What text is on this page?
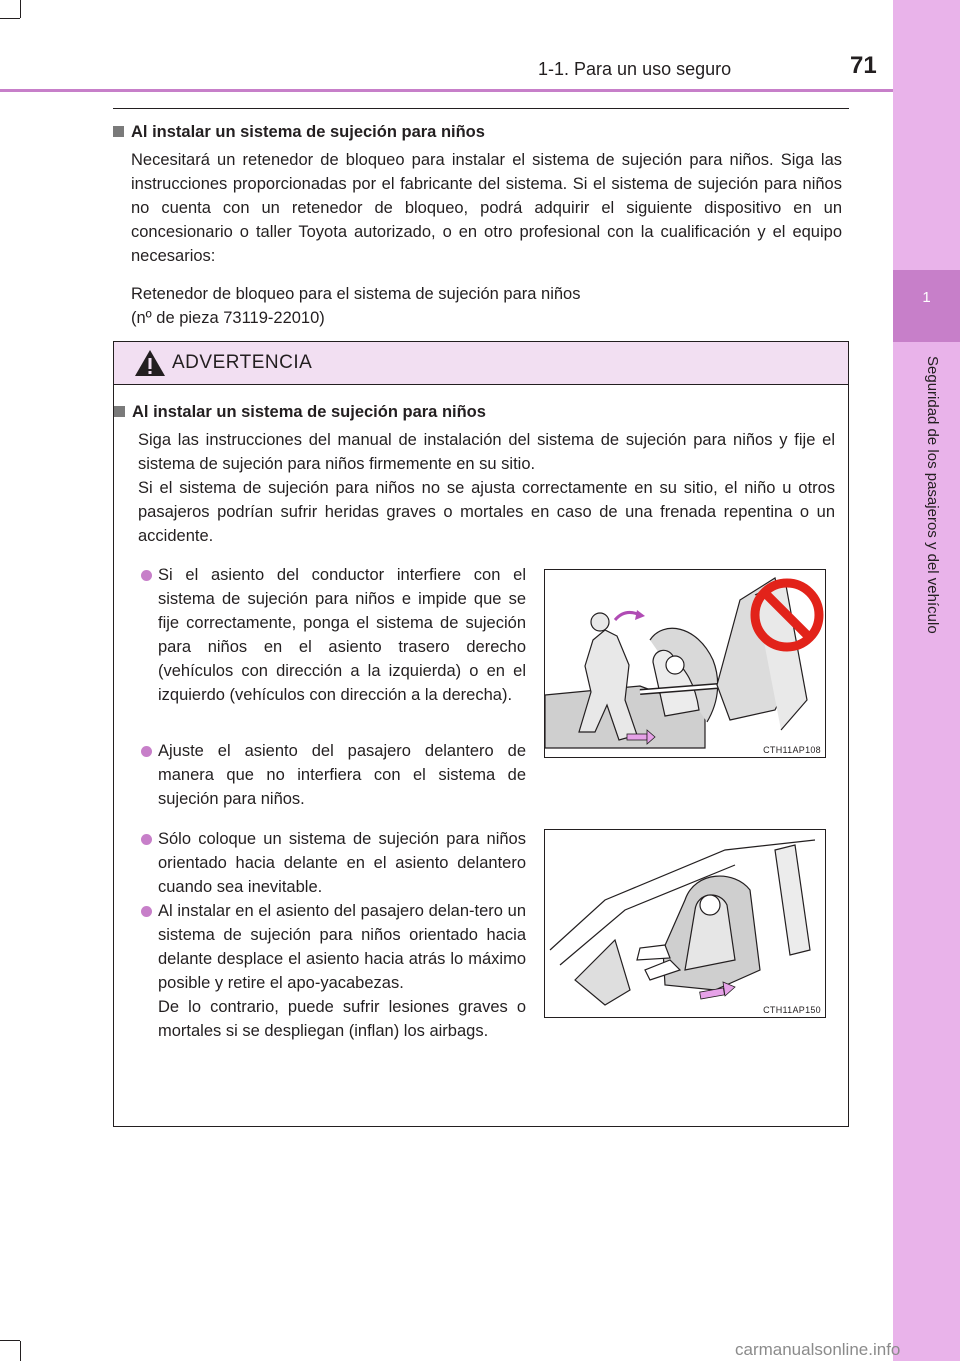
1
Seguridad de los pasajeros y del vehículo
1-1. Para un uso seguro	71
Al instalar un sistema de sujeción para niños
Necesitará un retenedor de bloqueo para instalar el sistema de sujeción para niños. Siga las instrucciones proporcionadas por el fabricante del sistema. Si el sistema de sujeción para niños no cuenta con un retenedor de bloqueo, podrá adquirir el siguiente dispositivo en un concesionario o taller Toyota autorizado, o en otro profesional con la cualificación y el equipo necesarios:
Retenedor de bloqueo para el sistema de sujeción para niños
(nº de pieza 73119-22010)
ADVERTENCIA
Al instalar un sistema de sujeción para niños
Siga las instrucciones del manual de instalación del sistema de sujeción para niños y fije el sistema de sujeción para niños firmemente en su sitio.
Si el sistema de sujeción para niños no se ajusta correctamente en su sitio, el niño u otros pasajeros podrían sufrir heridas graves o mortales en caso de una frenada repentina o un accidente.
Si el asiento del conductor interfiere con el sistema de sujeción para niños e impide que se fije correctamente, ponga el sistema de sujeción para niños en el asiento trasero derecho (vehículos con dirección a la izquierda) o en el izquierdo (vehículos con dirección a la derecha).
Ajuste el asiento del pasajero delantero de manera que no interfiera con el sistema de sujeción para niños.
Sólo coloque un sistema de sujeción para niños orientado hacia delante en el asiento delantero cuando sea inevitable.
Al instalar en el asiento del pasajero delan-tero un sistema de sujeción para niños orientado hacia delante desplace el asiento hacia atrás lo máximo posible y retire el apo-yacabezas.
De lo contrario, puede sufrir lesiones graves o mortales si se despliegan (inflan) los airbags.
CTH11AP108
CTH11AP150
carmanualsonline.info
